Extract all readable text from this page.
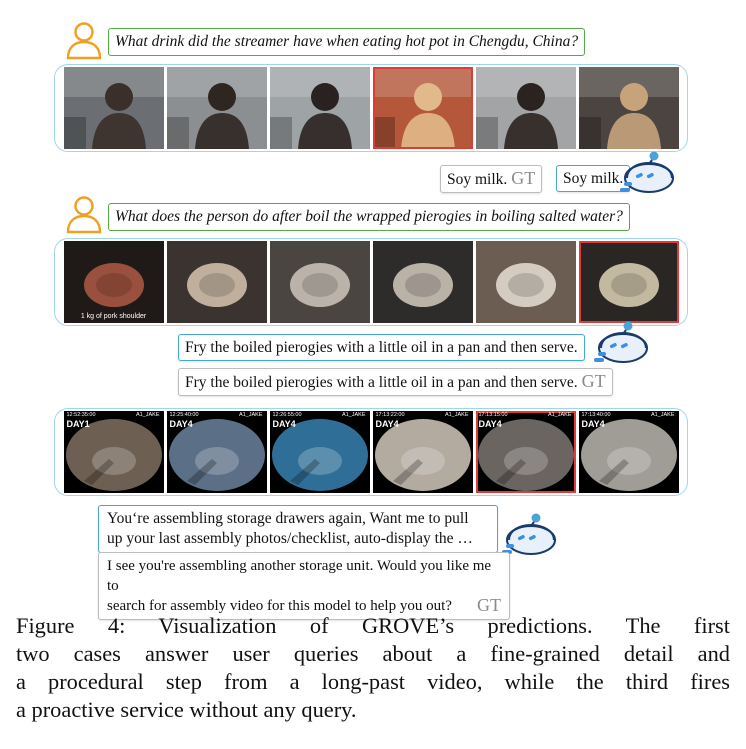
What drink did the streamer have when eating hot pot in Chengdu, China?
Soy milk. GT	Soy milk.
What does the person do after boil the wrapped pierogies in boiling salted water?
1 kg of pork shoulder
Fry the boiled pierogies with a little oil in a pan and then serve.
Fry the boiled pierogies with a little oil in a pan and then serve. GT
12:52:35:00
DAY1
A1_JAKE 12:25:40:00
DAY4
A1_JAKE 12:26:55:00
DAY4
A1_JAKE 17:13:22:00
DAY4
A1_JAKE 17:13:15:00
DAY4
A1_JAKE 17:13:40:00
DAY4
A1_JAKE
You‘re assembling storage drawers again, Want me to pull
up your last assembly photos/checklist, auto-display the …
I see you're assembling another storage unit. Would you like me to
search for assembly video for this model to help you out? GT
Figure 4: Visualization of GROVE’s predictions. The first
two cases answer user queries about a fine-grained detail and
a procedural step from a long-past video, while the third fires
a proactive service without any query.
